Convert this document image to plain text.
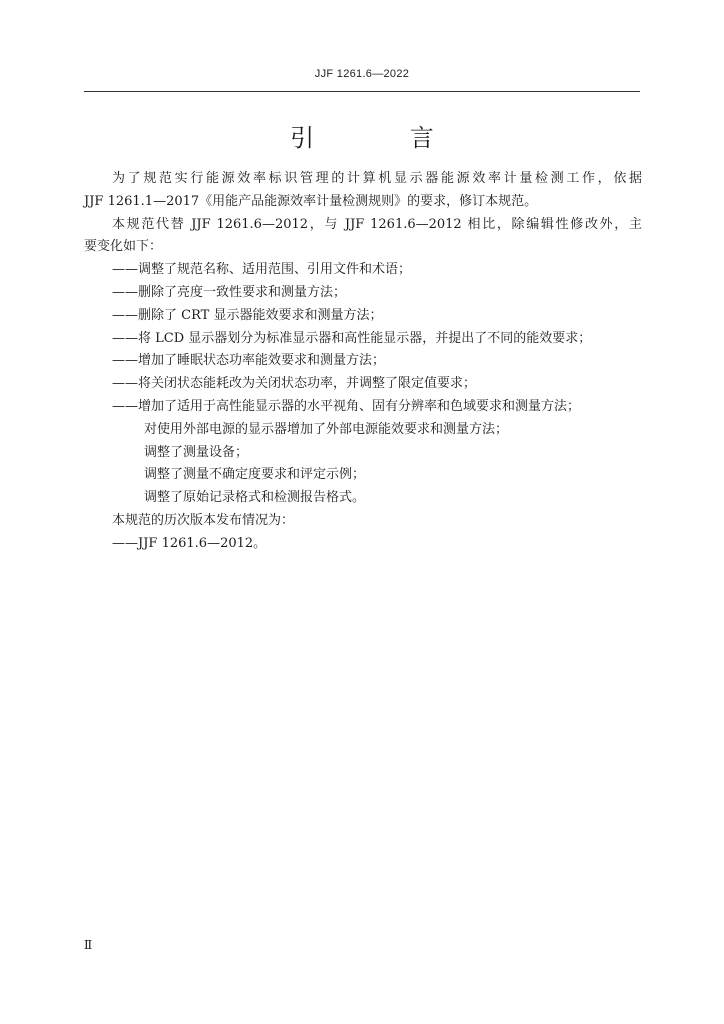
JJF 1261.6—2022
引 言
为了规范实行能源效率标识管理的计算机显示器能源效率计量检测工作，依据
JJF 1261.1—2017《用能产品能源效率计量检测规则》的要求，修订本规范。
本规范代替 JJF 1261.6—2012，与 JJF 1261.6—2012 相比，除编辑性修改外，主
要变化如下：
——调整了规范名称、适用范围、引用文件和术语；
——删除了亮度一致性要求和测量方法；
——删除了 CRT 显示器能效要求和测量方法；
——将 LCD 显示器划分为标准显示器和高性能显示器，并提出了不同的能效要求；
——增加了睡眠状态功率能效要求和测量方法；
——将关闭状态能耗改为关闭状态功率，并调整了限定值要求；
——增加了适用于高性能显示器的水平视角、固有分辨率和色域要求和测量方法；
对使用外部电源的显示器增加了外部电源能效要求和测量方法；
调整了测量设备；
调整了测量不确定度要求和评定示例；
调整了原始记录格式和检测报告格式。
本规范的历次版本发布情况为：
——JJF 1261.6—2012。
Ⅱ
